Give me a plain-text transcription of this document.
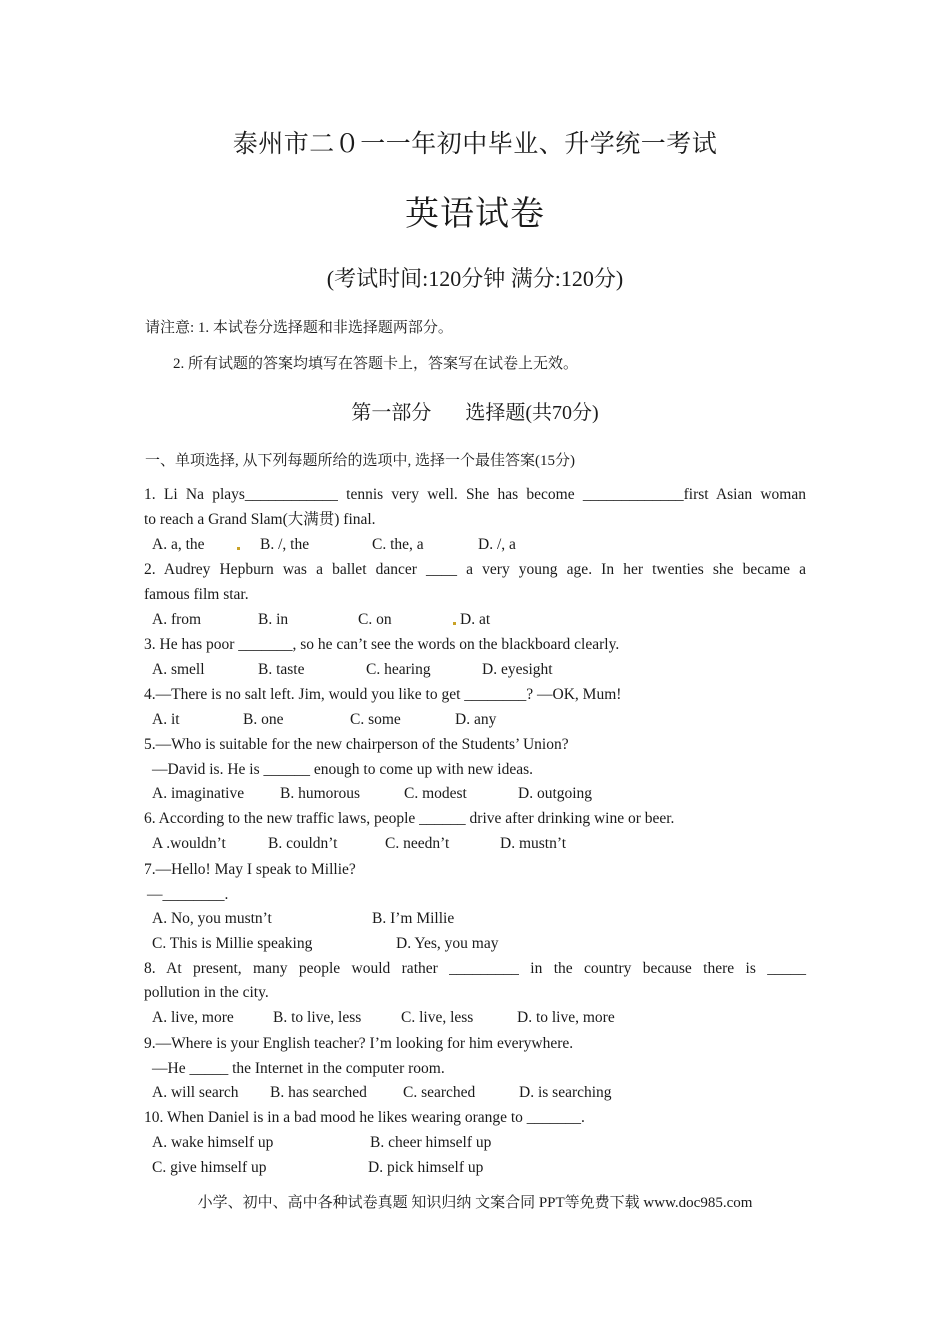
泰州市二０一一年初中毕业、升学统一考试
英语试卷
(考试时间:120分钟 满分:120分)
请注意: 1. 本试卷分选择题和非选择题两部分。
2. 所有试题的答案均填写在答题卡上，答案写在试卷上无效。
第一部分 选择题(共70分)
一、单项选择, 从下列每题所给的选项中, 选择一个最佳答案(15分)
1. Li Na plays____________ tennis very well. She has become _____________first Asian woman
to reach a Grand Slam(大满贯) final.
A. a, the	B. /, the	C. the, a	D. /, a
2. Audrey Hepburn was a ballet dancer ____ a very young age. In her twenties she became a
famous film star.
A. from	B. in	C. on	D. at
3. He has poor _______, so he can’t see the words on the blackboard clearly.
A. smell	B. taste	C. hearing	D. eyesight
4.—There is no salt left. Jim, would you like to get ________? —OK, Mum!
A. it	B. one	C. some	D. any
5.—Who is suitable for the new chairperson of the Students’ Union?
—David is. He is ______ enough to come up with new ideas.
A. imaginative B. humorous	C. modest	D. outgoing
6. According to the new traffic laws, people ______ drive after drinking wine or beer.
A .wouldn’t	B. couldn’t	C. needn’t	D. mustn’t
7.—Hello! May I speak to Millie?
—________.
A. No, you mustn’t	B. I’m Millie
C. This is Millie speaking	D. Yes, you may
8. At present, many people would rather _________ in the country because there is _____
pollution in the city.
A. live, more	B. to live, less	C. live, less	D. to live, more
9.—Where is your English teacher? I’m looking for him everywhere.
—He _____ the Internet in the computer room.
A. will search B. has searched C. searched	D. is searching
10. When Daniel is in a bad mood he likes wearing orange to _______.
A. wake himself up	B. cheer himself up
C. give himself up	D. pick himself up
小学、初中、高中各种试卷真题 知识归纳 文案合同 PPT等免费下载 www.doc985.com
